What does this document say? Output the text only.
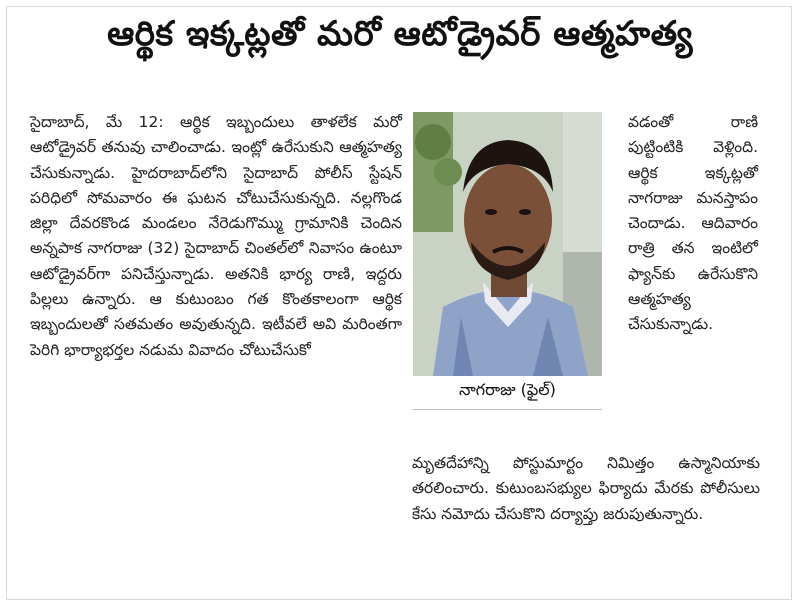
ఆర్థిక ఇక్కట్లతో మరో ఆటోడ్రైవర్ ఆత్మహత్య

సైదాబాద్, మే 12: ఆర్థిక ఇబ్బందులు తాళలేక మరో ఆటోడ్రైవర్ తనువు చాలించాడు. ఇంట్లో ఉరేసుకుని ఆత్మహత్య చేసుకున్నాడు. హైదరాబాద్‌లోని సైదాబాద్ పోలీస్ స్టేషన్ పరిధిలో సోమవారం ఈ ఘటన చోటుచేసుకున్నది. నల్లగొండ జిల్లా దేవరకొండ మండలం నేరెడుగొమ్ము గ్రామానికి చెందిన అన్నపాక నాగరాజు (32) సైదాబాద్ చింతల్‌లో నివాసం ఉంటూ ఆటోడ్రైవర్‌గా పనిచేస్తున్నాడు. అతనికి భార్య రాణి, ఇద్దరు పిల్లలు ఉన్నారు. ఆ కుటుంబం గత కొంతకాలంగా ఆర్థిక ఇబ్బందులతో సతమతం అవుతున్నది. ఇటీవలే అవి మరింతగా పెరిగి భార్యాభర్తల నడుమ వివాదం చోటుచేసుకో

నాగరాజు (ఫైల్)

వడంతో రాణి పుట్టింటికి వెళ్లింది. ఆర్థిక ఇక్కట్లతో నాగరాజు మనస్తాపం చెందాడు. ఆదివారం రాత్రి తన ఇంటిలో ఫ్యాన్‌కు ఉరేసుకొని ఆత్మహత్య చేసుకున్నాడు.

మృతదేహాన్ని పోస్టుమార్టం నిమిత్తం ఉస్మానియాకు తరలించారు. కుటుంబసభ్యుల ఫిర్యాదు మేరకు పోలీసులు కేసు నమోదు చేసుకొని దర్యాప్తు జరుపుతున్నారు.
